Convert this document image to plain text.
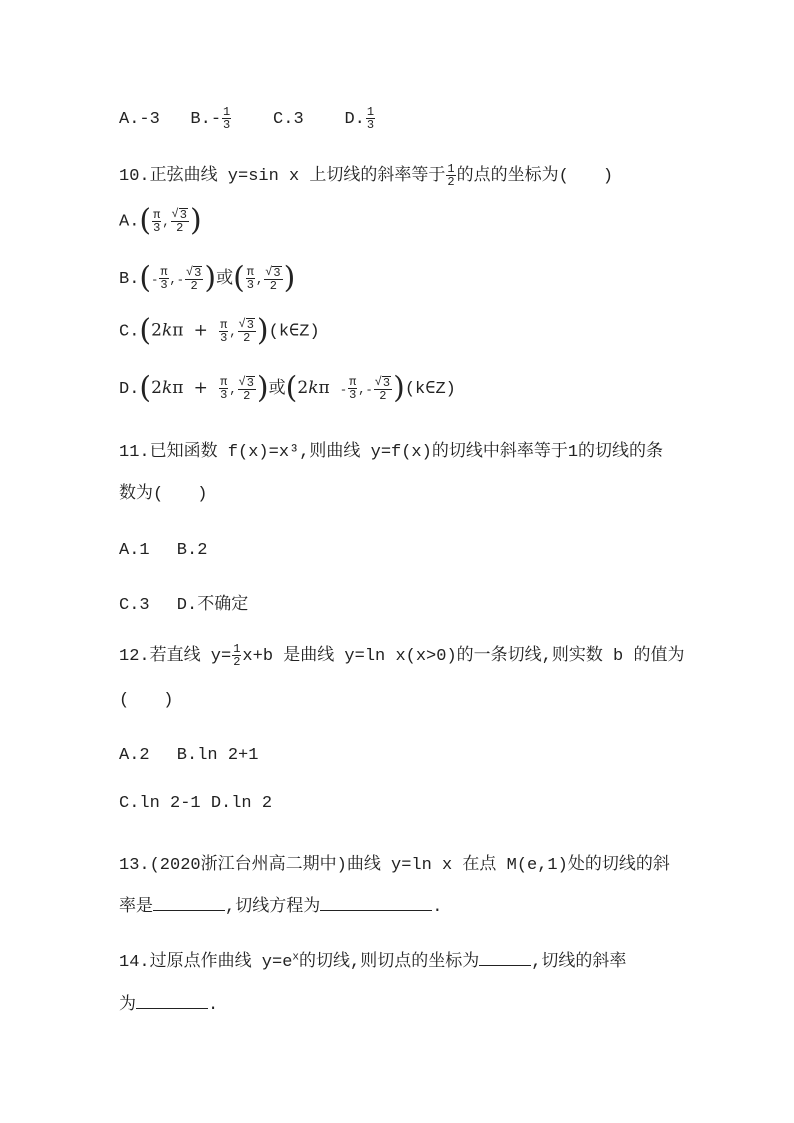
A.-3 $B.- \frac{1}{3} C.3$ D. $\frac{1}{3}$
10.正弦曲线 y=sin x 上切线的斜率等于 $\frac{1}{2}$ 的点的坐标为(　　)
$A.( \frac{\pi}{3}$ , $\frac{√ 3}{2}$ )
$B.(- \frac{\pi}{3}$ ,- $\frac{√ 3}{2}$ )或( $\frac{\pi}{3}$ , $\frac{√ 3}{2}$ )
$C.(2k\pi + \frac{\pi}{3}$ , $\frac{√ 3}{2}$ )(k∈Z)
$D.(2k\pi + \frac{\pi}{3}$ , $\frac{√ 3}{2}$ )或($2k\pi - \frac{\pi}{3}$ ,- $\frac{√ 3}{2}$ )(k∈Z)
11.已知函数 f(x)=x³,则曲线 y=f(x)的切线中斜率等于1的切线的条
数为(　　)
A.1　 B.2
C.3　 D.不确定
12.若直线 $y= \frac{1}{2} x+b$ 是曲线 y=ln x(x>0)的一条切线,则实数 b 的值为
(　　)
A.2　 B.ln 2+1
C.ln 2-1 D.ln 2
13.(2020浙江台州高二期中)曲线 y=ln x 在点 M(e,1)处的切线的斜
率是	,切线方程为	.
14.过原点作曲线 $y=e^x$的切线,则切点的坐标为	,切线的斜率
为	.
